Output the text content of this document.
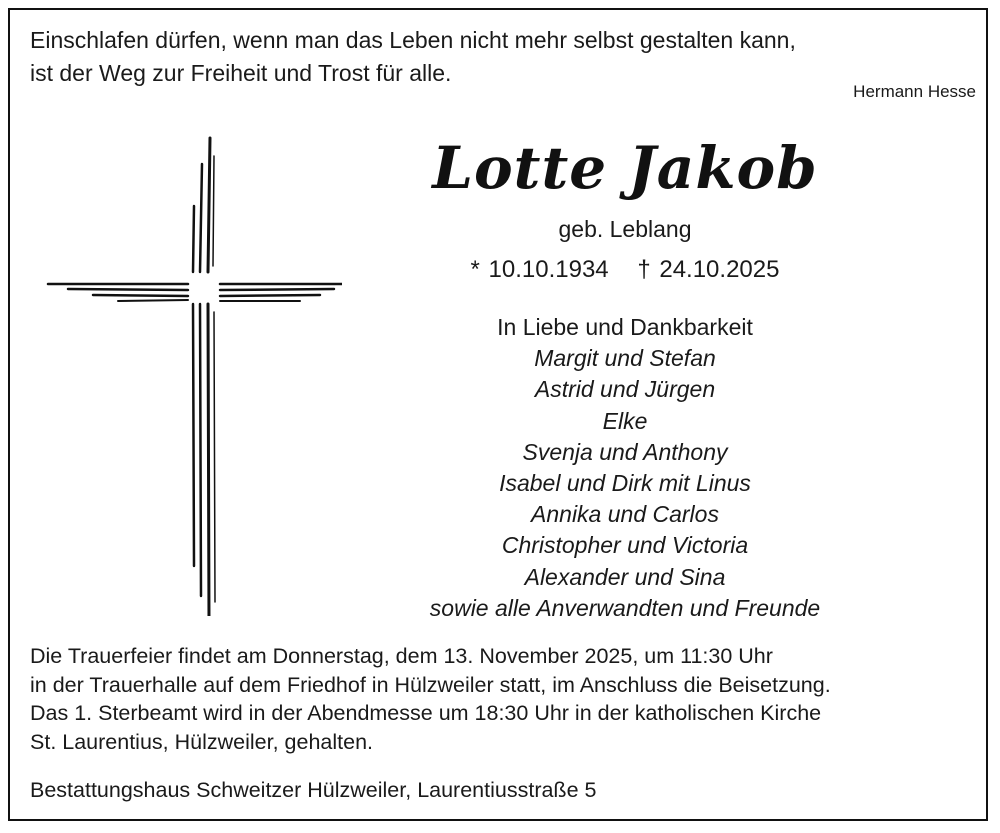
Einschlafen dürfen, wenn man das Leben nicht mehr selbst gestalten kann,
ist der Weg zur Freiheit und Trost für alle.
Hermann Hesse
Lotte Jakob
geb. Leblang
* 10.10.1934 † 24.10.2025
In Liebe und Dankbarkeit
Margit und Stefan
Astrid und Jürgen
Elke
Svenja und Anthony
Isabel und Dirk mit Linus
Annika und Carlos
Christopher und Victoria
Alexander und Sina
sowie alle Anverwandten und Freunde
Die Trauerfeier findet am Donnerstag, dem 13. November 2025, um 11:30 Uhr
in der Trauerhalle auf dem Friedhof in Hülzweiler statt, im Anschluss die Beisetzung.
Das 1. Sterbeamt wird in der Abendmesse um 18:30 Uhr in der katholischen Kirche
St. Laurentius, Hülzweiler, gehalten.
Bestattungshaus Schweitzer Hülzweiler, Laurentiusstraße 5
